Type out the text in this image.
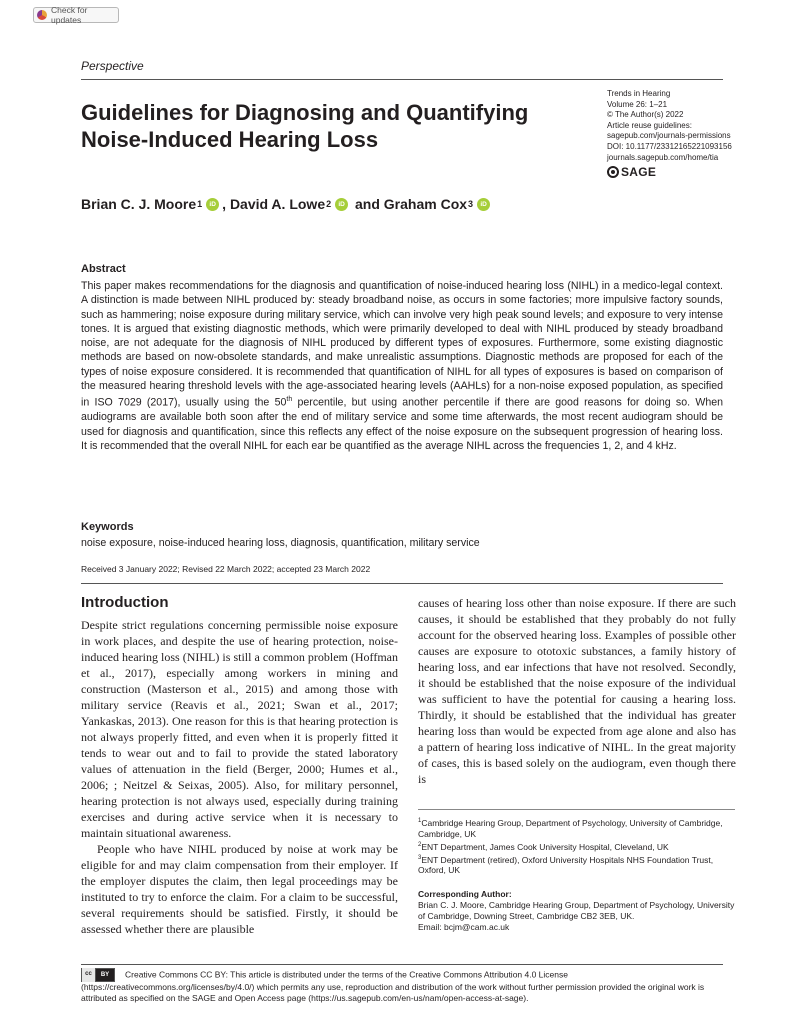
Check for updates
Perspective
Guidelines for Diagnosing and Quantifying Noise-Induced Hearing Loss
Trends in Hearing
Volume 26: 1–21
© The Author(s) 2022
Article reuse guidelines:
sagepub.com/journals-permissions
DOI: 10.1177/23312165221093156
journals.sagepub.com/home/tia
SAGE
Brian C. J. Moore 1	iD , David A. Lowe 2	iD and Graham Cox 3	iD
Abstract
This paper makes recommendations for the diagnosis and quantification of noise-induced hearing loss (NIHL) in a medico-legal context. A distinction is made between NIHL produced by: steady broadband noise, as occurs in some factories; more impulsive factory sounds, such as hammering; noise exposure during military service, which can involve very high peak sound levels; and exposure to very intense tones. It is argued that existing diagnostic methods, which were primarily developed to deal with NIHL produced by steady broadband noise, are not adequate for the diagnosis of NIHL produced by different types of exposures. Furthermore, some existing diagnostic methods are based on now-obsolete standards, and make unrealistic assumptions. Diagnostic methods are proposed for each of the types of noise exposure considered. It is recommended that quantification of NIHL for all types of exposures is based on comparison of the measured hearing threshold levels with the age-associated hearing levels (AAHLs) for a non-noise exposed population, as specified in ISO 7029 (2017), usually using the 50th percentile, but using another percentile if there are good reasons for doing so. When audiograms are available both soon after the end of military service and some time afterwards, the most recent audiogram should be used for diagnosis and quantification, since this reflects any effect of the noise exposure on the subsequent progression of hearing loss. It is recommended that the overall NIHL for each ear be quantified as the average NIHL across the frequencies 1, 2, and 4 kHz.
Keywords
noise exposure, noise-induced hearing loss, diagnosis, quantification, military service
Received 3 January 2022; Revised 22 March 2022; accepted 23 March 2022
Introduction

Despite strict regulations concerning permissible noise exposure in work places, and despite the use of hearing protection, noise-induced hearing loss (NIHL) is still a common problem (Hoffman et al., 2017), especially among workers in mining and construction (Masterson et al., 2015) and among those with military service (Reavis et al., 2021; Swan et al., 2017; Yankaskas, 2013). One reason for this is that hearing protection is not always properly fitted, and even when it is properly fitted it tends to wear out and to fail to provide the stated laboratory values of attenuation in the field (Berger, 2000; Humes et al., 2006; ; Neitzel & Seixas, 2005). Also, for military personnel, hearing protection is not always used, especially during training exercises and during active service when it is necessary to maintain situational awareness.

People who have NIHL produced by noise at work may be eligible for and may claim compensation from their employer. If the employer disputes the claim, then legal proceedings may be instituted to try to enforce the claim. For a claim to be successful, several requirements should be satisfied. Firstly, it should be assessed whether there are plausible

causes of hearing loss other than noise exposure. If there are such causes, it should be established that they probably do not fully account for the observed hearing loss. Examples of possible other causes are exposure to ototoxic substances, a family history of hearing loss, and ear infections that have not resolved. Secondly, it should be established that the noise exposure of the individual was sufficient to have the potential for causing a hearing loss. Thirdly, it should be established that the individual has greater hearing loss than would be expected from age alone and also has a pattern of hearing loss indicative of NIHL. In the great majority of cases, this is based solely on the audiogram, even though there is

$^1$Cambridge Hearing Group, Department of Psychology, University of Cambridge, Cambridge, UK

$^2$ENT Department, James Cook University Hospital, Cleveland, UK

$^3$ENT Department (retired), Oxford University Hospitals NHS Foundation Trust, Oxford, UK

Corresponding Author:
Brian C. J. Moore, Cambridge Hearing Group, Department of Psychology, University of Cambridge, Downing Street, Cambridge CB2 3EB, UK.
Email: bcjm@cam.ac.uk
cc	BY	Creative Commons CC BY: This article is distributed under the terms of the Creative Commons Attribution 4.0 License (https://creativecommons.org/licenses/by/4.0/) which permits any use, reproduction and distribution of the work without further permission provided the original work is attributed as specified on the SAGE and Open Access page (https://us.sagepub.com/en-us/nam/open-access-at-sage).
